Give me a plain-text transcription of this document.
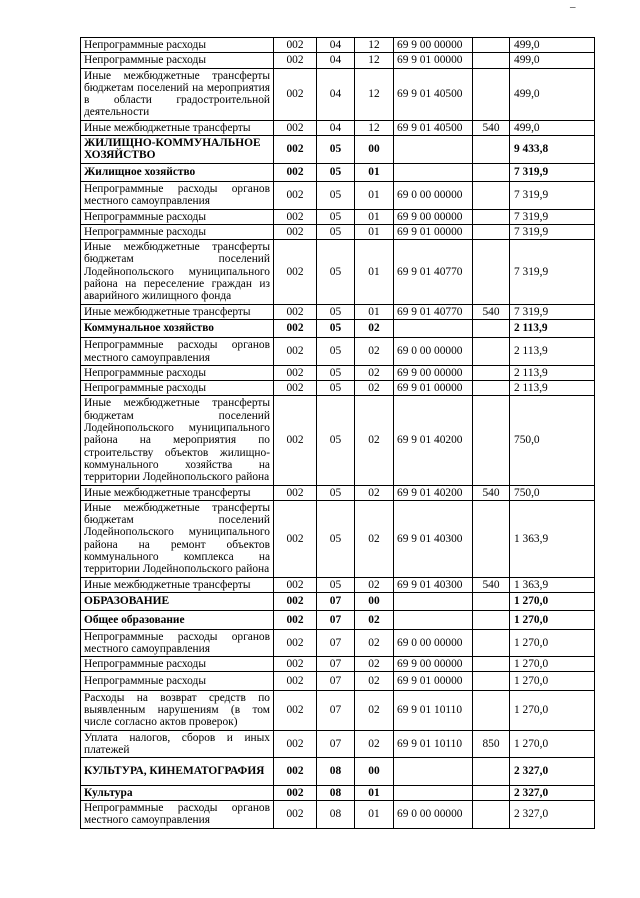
–
Непрограммные расходы	002	04	12	69 9 00 00000		499,0
Непрограммные расходы	002	04	12	69 9 01 00000		499,0
Иные межбюджетные трансферты бюджетам поселений на мероприятия в области градостроительной деятельности	002	04	12	69 9 01 40500		499,0
Иные межбюджетные трансферты	002	04	12	69 9 01 40500	540	499,0
ЖИЛИЩНО-КОММУНАЛЬНОЕ ХОЗЯЙСТВО	002	05	00			9 433,8
Жилищное хозяйство	002	05	01			7 319,9
Непрограммные расходы органов местного самоуправления	002	05	01	69 0 00 00000		7 319,9
Непрограммные расходы	002	05	01	69 9 00 00000		7 319,9
Непрограммные расходы	002	05	01	69 9 01 00000		7 319,9
Иные межбюджетные трансферты бюджетам поселений Лодейнопольского муниципального района на переселение граждан из аварийного жилищного фонда	002	05	01	69 9 01 40770		7 319,9
Иные межбюджетные трансферты	002	05	01	69 9 01 40770	540	7 319,9
Коммунальное хозяйство	002	05	02			2 113,9
Непрограммные расходы органов местного самоуправления	002	05	02	69 0 00 00000		2 113,9
Непрограммные расходы	002	05	02	69 9 00 00000		2 113,9
Непрограммные расходы	002	05	02	69 9 01 00000		2 113,9
Иные межбюджетные трансферты бюджетам поселений Лодейнопольского муниципального района на мероприятия по строительству объектов жилищно-коммунального хозяйства на территории Лодейнопольского района	002	05	02	69 9 01 40200		750,0
Иные межбюджетные трансферты	002	05	02	69 9 01 40200	540	750,0
Иные межбюджетные трансферты бюджетам поселений Лодейнопольского муниципального района на ремонт объектов коммунального комплекса на территории Лодейнопольского района	002	05	02	69 9 01 40300		1 363,9
Иные межбюджетные трансферты	002	05	02	69 9 01 40300	540	1 363,9
ОБРАЗОВАНИЕ	002	07	00			1 270,0
Общее образование	002	07	02			1 270,0
Непрограммные расходы органов местного самоуправления	002	07	02	69 0 00 00000		1 270,0
Непрограммные расходы	002	07	02	69 9 00 00000		1 270,0
Непрограммные расходы	002	07	02	69 9 01 00000		1 270,0
Расходы на возврат средств по выявленным нарушениям (в том числе согласно актов проверок)	002	07	02	69 9 01 10110		1 270,0
Уплата налогов, сборов и иных платежей	002	07	02	69 9 01 10110	850	1 270,0
КУЛЬТУРА, КИНЕМАТОГРАФИЯ	002	08	00			2 327,0
Культура	002	08	01			2 327,0
Непрограммные расходы органов местного самоуправления	002	08	01	69 0 00 00000		2 327,0
